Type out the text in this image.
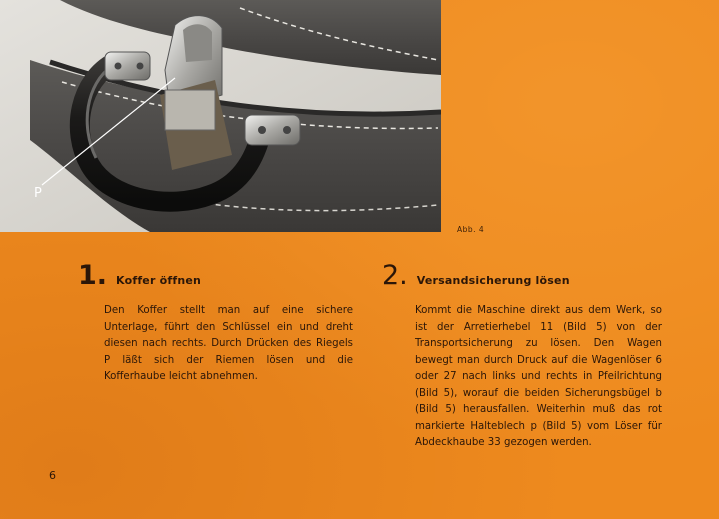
P
Abb. 4
1. Koffer öffnen

Den Koffer stellt man auf eine sichere Unterlage, führt den Schlüssel ein und dreht diesen nach rechts. Durch Drücken des Riegels P läßt sich der Riemen lösen und die Kofferhaube leicht abnehmen.

2. Versandsicherung lösen

Kommt die Maschine direkt aus dem Werk, so ist der Arretierhebel 11 (Bild 5) von der Transportsicherung zu lösen. Den Wagen bewegt man durch Druck auf die Wagenlöser 6 oder 27 nach links und rechts in Pfeilrichtung (Bild 5), worauf die beiden Sicherungsbügel b (Bild 5) herausfallen. Weiterhin muß das rot markierte Halteblech p (Bild 5) vom Löser für Abdeckhaube 33 gezogen werden.

6
